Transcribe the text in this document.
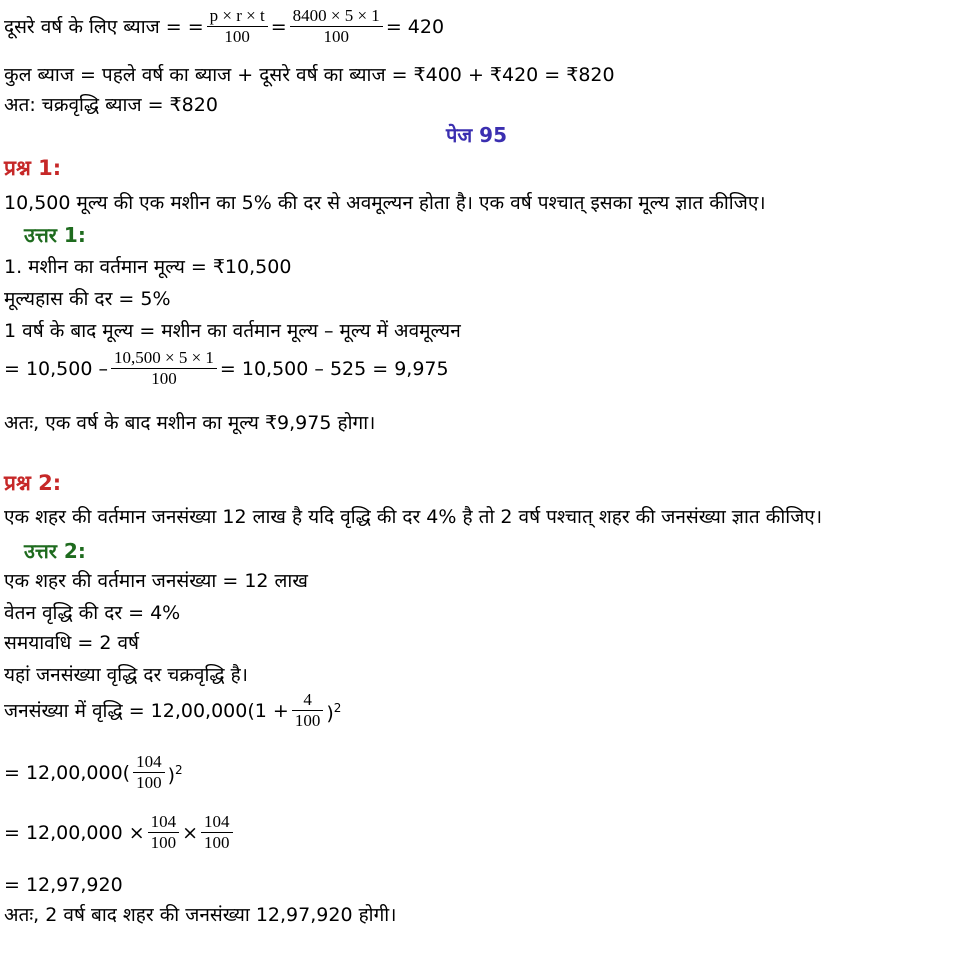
दूसरे वर्ष के लिए ब्याज = = $\frac{p \times r \times t}{100} = \frac{8400 \times 5 \times 1}{100} = 420$
कुल ब्याज = पहले वर्ष का ब्याज + दूसरे वर्ष का ब्याज = ₹400 + ₹420 = ₹820
अत: चक्रवृद्धि ब्याज = ₹820
पेज 95
प्रश्न 1:
10,500 मूल्य की एक मशीन का 5% की दर से अवमूल्यन होता है। एक वर्ष पश्चात् इसका मूल्य ज्ञात कीजिए।
उत्तर 1:
1. मशीन का वर्तमान मूल्य = ₹10,500
मूल्यहास की दर = 5%
1 वर्ष के बाद मूल्य = मशीन का वर्तमान मूल्य – मूल्य में अवमूल्यन
= $10,500 - \frac{10,500 \times 5 \times 1}{100} = 10,500 - 525 = 9,975$
अतः, एक वर्ष के बाद मशीन का मूल्य ₹9,975 होगा।
प्रश्न 2:
एक शहर की वर्तमान जनसंख्या 12 लाख है यदि वृद्धि की दर 4% है तो 2 वर्ष पश्चात् शहर की जनसंख्या ज्ञात कीजिए।
उत्तर 2:
एक शहर की वर्तमान जनसंख्या = 12 लाख
वेतन वृद्धि की दर = 4%
समयावधि = 2 वर्ष
यहां जनसंख्या वृद्धि दर चक्रवृद्धि है।
जनसंख्या में वृद्धि = $12,00,000(1 + \frac{4}{100} )^2$
= $12,00,000( \frac{104}{100} )^2$
= $12,00,000 \times \frac{104}{100} \times \frac{104}{100}$
= 12,97,920
अतः, 2 वर्ष बाद शहर की जनसंख्या 12,97,920 होगी।
